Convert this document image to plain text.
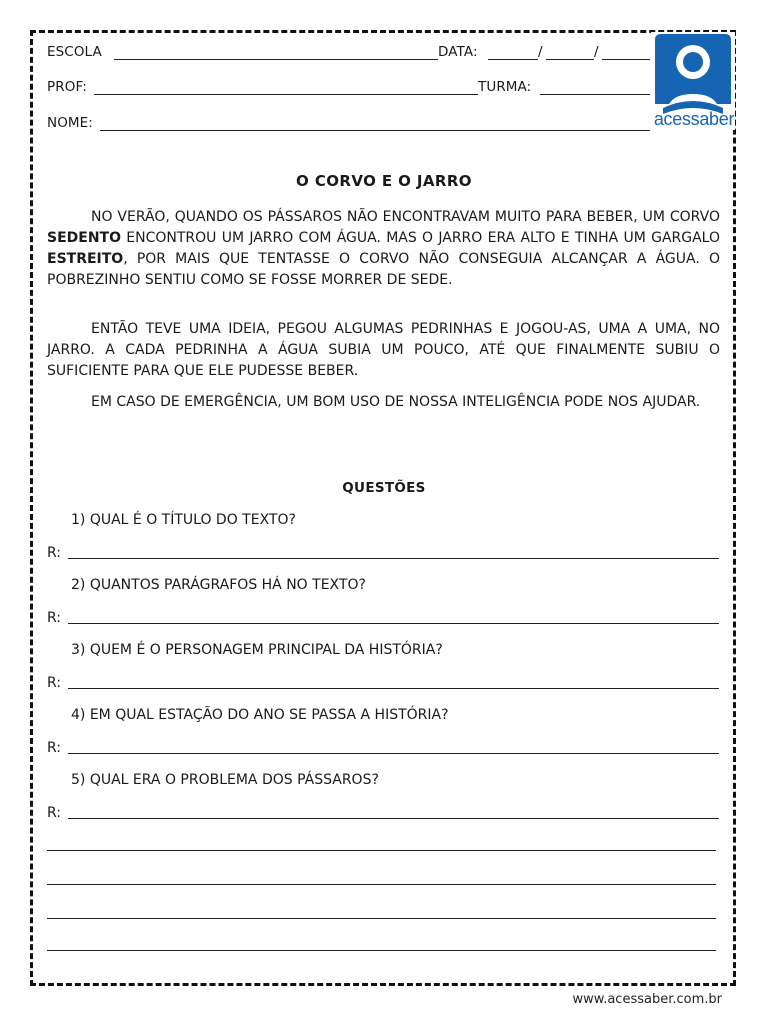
ESCOLA	DATA:	/	/
PROF:	TURMA:
NOME:	acessaber
O CORVO E O JARRO
NO VERÃO, QUANDO OS PÁSSAROS NÃO ENCONTRAVAM MUITO PARA BEBER, UM CORVO SEDENTO ENCONTROU UM JARRO COM ÁGUA. MAS O JARRO ERA ALTO E TINHA UM GARGALO ESTREITO, POR MAIS QUE TENTASSE O CORVO NÃO CONSEGUIA ALCANÇAR A ÁGUA. O POBREZINHO SENTIU COMO SE FOSSE MORRER DE SEDE.
ENTÃO TEVE UMA IDEIA, PEGOU ALGUMAS PEDRINHAS E JOGOU-AS, UMA A UMA, NO JARRO. A CADA PEDRINHA A ÁGUA SUBIA UM POUCO, ATÉ QUE FINALMENTE SUBIU O SUFICIENTE PARA QUE ELE PUDESSE BEBER.
EM CASO DE EMERGÊNCIA, UM BOM USO DE NOSSA INTELIGÊNCIA PODE NOS AJUDAR.
QUESTÕES
1) QUAL É O TÍTULO DO TEXTO?
R:
2) QUANTOS PARÁGRAFOS HÁ NO TEXTO?
R:
3) QUEM É O PERSONAGEM PRINCIPAL DA HISTÓRIA?
R:
4) EM QUAL ESTAÇÃO DO ANO SE PASSA A HISTÓRIA?
R:
5) QUAL ERA O PROBLEMA DOS PÁSSAROS?
R:
www.acessaber.com.br
